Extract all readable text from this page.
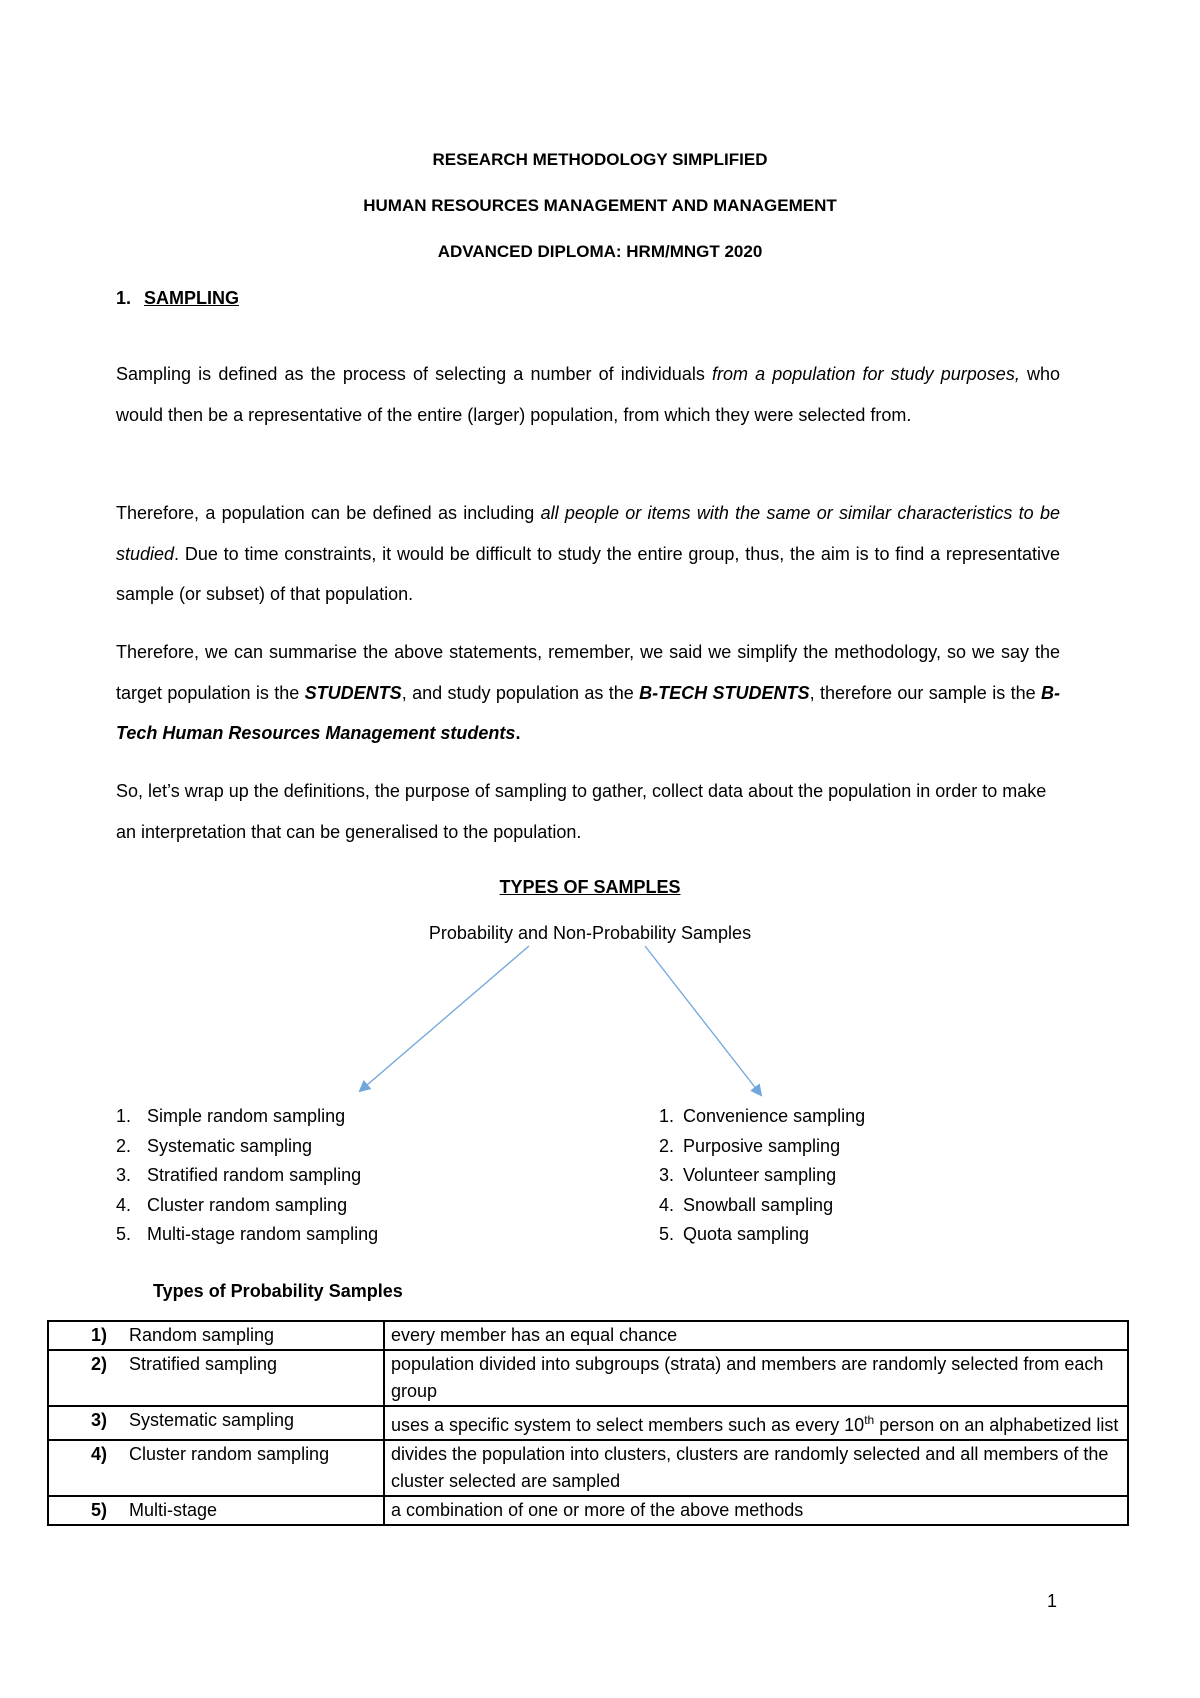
RESEARCH METHODOLOGY SIMPLIFIED
HUMAN RESOURCES MANAGEMENT AND MANAGEMENT
ADVANCED DIPLOMA: HRM/MNGT 2020
1. SAMPLING

Sampling is defined as the process of selecting a number of individuals from a population for study purposes, who would then be a representative of the entire (larger) population, from which they were selected from.

Therefore, a population can be defined as including all people or items with the same or similar characteristics to be studied. Due to time constraints, it would be difficult to study the entire group, thus, the aim is to find a representative sample (or subset) of that population.

Therefore, we can summarise the above statements, remember, we said we simplify the methodology, so we say the target population is the STUDENTS, and study population as the B-TECH STUDENTS, therefore our sample is the B-Tech Human Resources Management students.

So, let’s wrap up the definitions, the purpose of sampling to gather, collect data about the population in order to make an interpretation that can be generalised to the population.

TYPES OF SAMPLES
Probability and Non-Probability Samples
1. Simple random sampling
2. Systematic sampling
3. Stratified random sampling
4. Cluster random sampling
5. Multi-stage random sampling
1. Convenience sampling
2. Purposive sampling
3. Volunteer sampling
4. Snowball sampling
5. Quota sampling
Types of Probability Samples
1)	Random sampling	every member has an equal chance
2)	Stratified sampling	population divided into subgroups (strata) and members are randomly selected from each group
3)	Systematic sampling	uses a specific system to select members such as every 10th person on an alphabetized list
4)	Cluster random sampling	divides the population into clusters, clusters are randomly selected and all members of the cluster selected are sampled
5)	Multi-stage	a combination of one or more of the above methods
1
